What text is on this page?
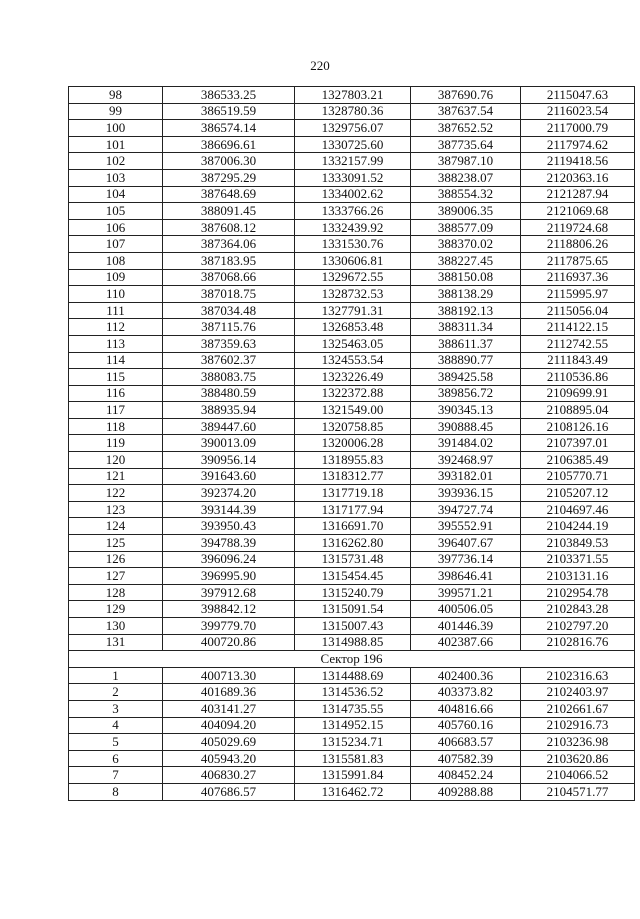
220
98	386533.25	1327803.21	387690.76	2115047.63
99	386519.59	1328780.36	387637.54	2116023.54
100	386574.14	1329756.07	387652.52	2117000.79
101	386696.61	1330725.60	387735.64	2117974.62
102	387006.30	1332157.99	387987.10	2119418.56
103	387295.29	1333091.52	388238.07	2120363.16
104	387648.69	1334002.62	388554.32	2121287.94
105	388091.45	1333766.26	389006.35	2121069.68
106	387608.12	1332439.92	388577.09	2119724.68
107	387364.06	1331530.76	388370.02	2118806.26
108	387183.95	1330606.81	388227.45	2117875.65
109	387068.66	1329672.55	388150.08	2116937.36
110	387018.75	1328732.53	388138.29	2115995.97
111	387034.48	1327791.31	388192.13	2115056.04
112	387115.76	1326853.48	388311.34	2114122.15
113	387359.63	1325463.05	388611.37	2112742.55
114	387602.37	1324553.54	388890.77	2111843.49
115	388083.75	1323226.49	389425.58	2110536.86
116	388480.59	1322372.88	389856.72	2109699.91
117	388935.94	1321549.00	390345.13	2108895.04
118	389447.60	1320758.85	390888.45	2108126.16
119	390013.09	1320006.28	391484.02	2107397.01
120	390956.14	1318955.83	392468.97	2106385.49
121	391643.60	1318312.77	393182.01	2105770.71
122	392374.20	1317719.18	393936.15	2105207.12
123	393144.39	1317177.94	394727.74	2104697.46
124	393950.43	1316691.70	395552.91	2104244.19
125	394788.39	1316262.80	396407.67	2103849.53
126	396096.24	1315731.48	397736.14	2103371.55
127	396995.90	1315454.45	398646.41	2103131.16
128	397912.68	1315240.79	399571.21	2102954.78
129	398842.12	1315091.54	400506.05	2102843.28
130	399779.70	1315007.43	401446.39	2102797.20
131	400720.86	1314988.85	402387.66	2102816.76
Сектор 196				
1	400713.30	1314488.69	402400.36	2102316.63
2	401689.36	1314536.52	403373.82	2102403.97
3	403141.27	1314735.55	404816.66	2102661.67
4	404094.20	1314952.15	405760.16	2102916.73
5	405029.69	1315234.71	406683.57	2103236.98
6	405943.20	1315581.83	407582.39	2103620.86
7	406830.27	1315991.84	408452.24	2104066.52
8	407686.57	1316462.72	409288.88	2104571.77
